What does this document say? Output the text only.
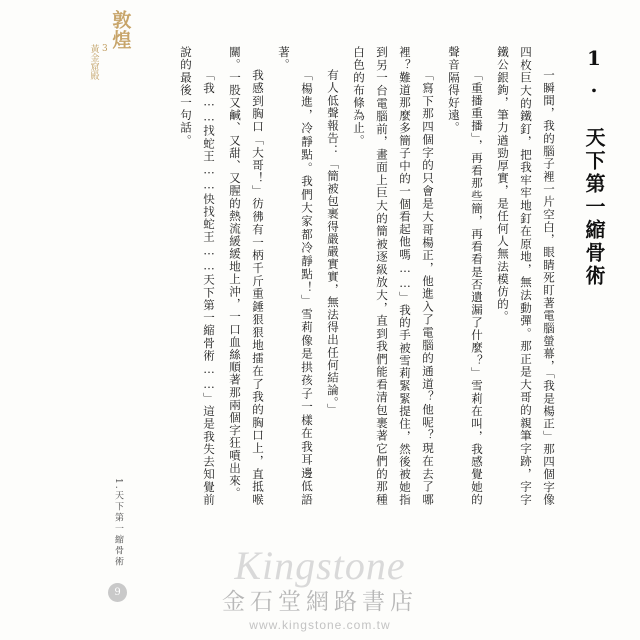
敦煌
3
黃金窟殿	1. 天下第一縮骨術
一瞬間，我的腦子裡一片空白，眼睛死盯著電腦螢幕，「我是楊正」那四個字像四枚巨大的鐵釘，把我牢牢地釘在原地，無法動彈。那正是大哥的親筆字跡，字字鐵公銀鉤，筆力遒勁厚實，是任何人無法模仿的。
「重播重播」，再看那些簡，再看看是否遺漏了什麼？」雪莉在叫，我感覺她的聲音隔得好遠。
「寫下那四個字的只會是大哥楊正，他進入了電腦的通道？他呢？現在去了哪裡？難道那麼多簡子中的一個看起他嗎……」我的手被雪莉緊緊提住，然後被她指到另一台電腦前，畫面上巨大的簡被逐級放大，直到我們能看清包裹著它們的那種白色的布條為止。
有人低聲報告：「簡被包裹得嚴嚴實實，無法得出任何結論。」
「楊進，冷靜點。我們大家都冷靜點！」雪莉像是拱孩子一樣在我耳邊低語著。
我感到胸口「大哥！」彷彿有一柄千斤重錘狠狠地擂在了我的胸口上，直抵喉關。一股又鹹、又甜、又腥的熱流緩緩地上沖，一口血絲順著那兩個字狂噴出來。
「我……找蛇王……快找蛇王……天下第一縮骨術……」這是我失去知覺前說的最後一句話。
1.天下第一縮骨術
9
Kingstone
金石堂網路書店
www.kingstone.com.tw
